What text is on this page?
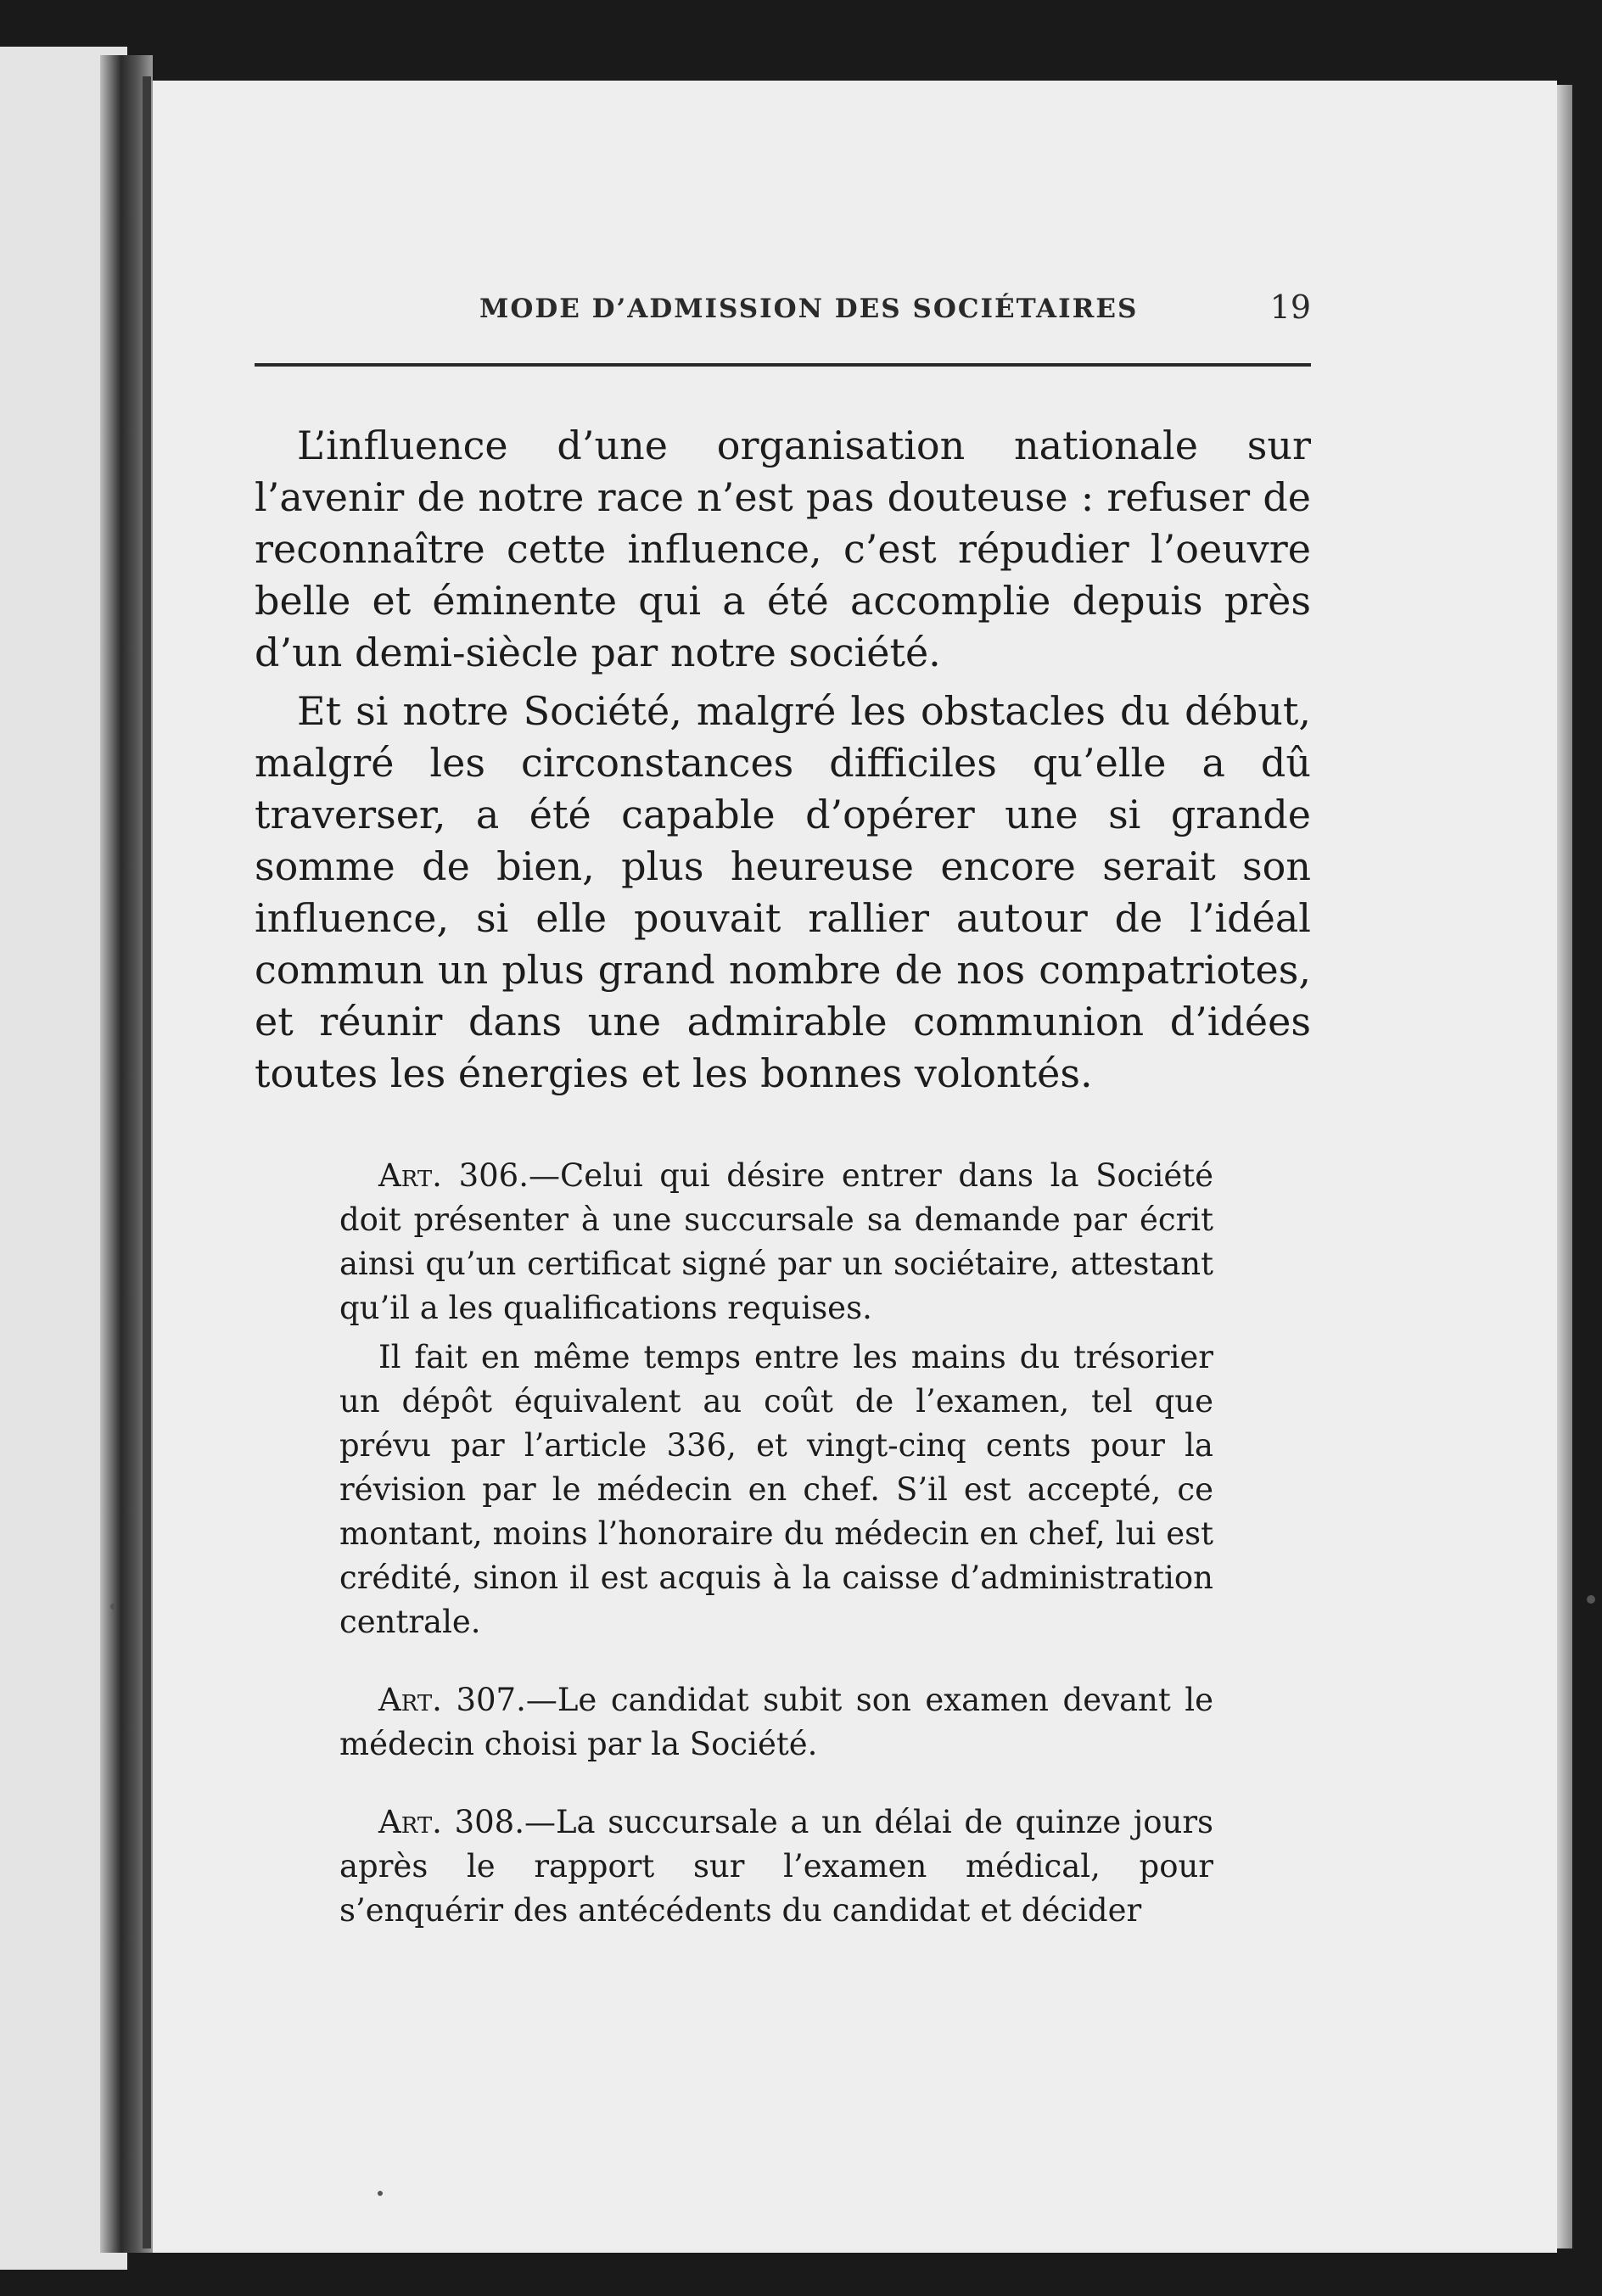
MODE D’ADMISSION DES SOCIÉTAIRES	19

L’influence d’une organisation nationale sur l’avenir de notre race n’est pas douteuse : refuser de reconnaître cette influence, c’est répudier l’oeuvre belle et éminente qui a été accomplie depuis près d’un demi-siècle par notre société.

Et si notre Société, malgré les obstacles du début, malgré les circonstances difficiles qu’elle a dû traverser, a été capable d’opérer une si grande somme de bien, plus heureuse encore serait son influence, si elle pouvait rallier autour de l’idéal commun un plus grand nombre de nos compatriotes, et réunir dans une admirable communion d’idées toutes les énergies et les bonnes volontés.

Art. 306.—Celui qui désire entrer dans la Société doit présenter à une succursale sa demande par écrit ainsi qu’un certificat signé par un sociétaire, attestant qu’il a les qualifications requises.

Il fait en même temps entre les mains du trésorier un dépôt équivalent au coût de l’examen, tel que prévu par l’article 336, et vingt-cinq cents pour la révision par le médecin en chef. S’il est accepté, ce montant, moins l’honoraire du médecin en chef, lui est crédité, sinon il est acquis à la caisse d’administration centrale.

Art. 307.—Le candidat subit son examen devant le médecin choisi par la Société.

Art. 308.—La succursale a un délai de quinze jours après le rapport sur l’examen médical, pour s’enquérir des antécédents du candidat et décider
